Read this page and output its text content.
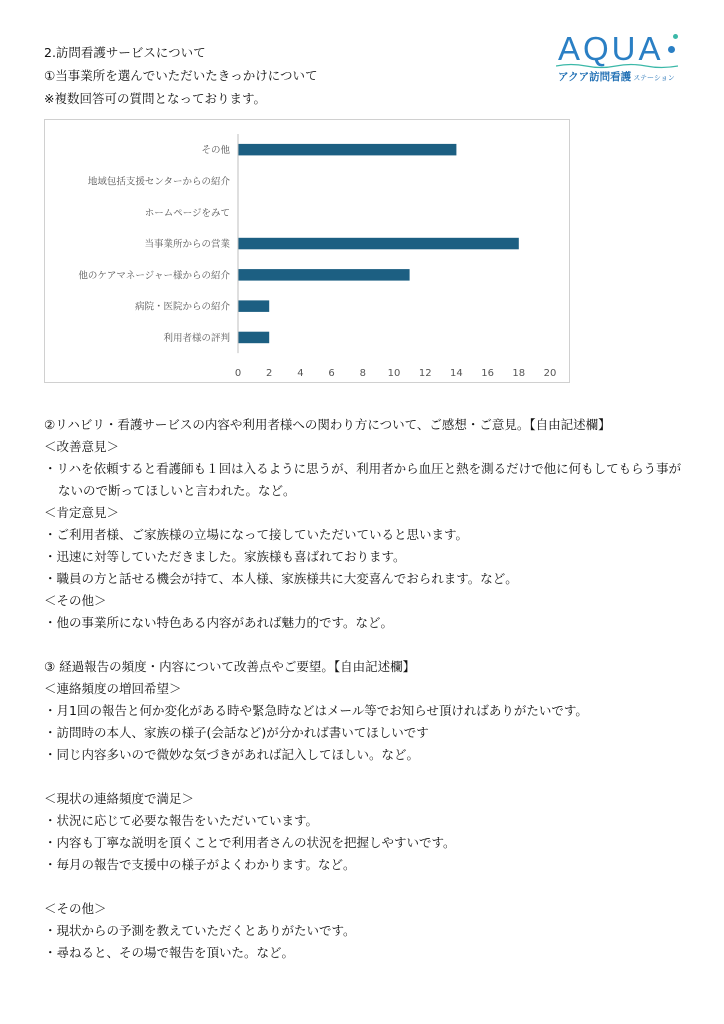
AQUA
アクア訪問看護 ステーション
2.訪問看護サービスについて
①当事業所を選んでいただいたきっかけについて
※複数回答可の質問となっております。
その他
地域包括支援センターからの紹介
ホームページをみて
当事業所からの営業
他のケアマネージャー様からの紹介
病院・医院からの紹介
利用者様の評判
0 2 4 6 8 10 12 14 16 18 20
②リハビリ・看護サービスの内容や利用者様への関わり方について、ご感想・ご意見。【自由記述欄】
＜改善意見＞
・リハを依頼すると看護師も１回は入るように思うが、利用者から血圧と熱を測るだけで他に何もしてもらう事がないので断ってほしいと言われた。など。
＜肯定意見＞
・ご利用者様、ご家族様の立場になって接していただいていると思います。
・迅速に対等していただきました。家族様も喜ばれております。
・職員の方と話せる機会が持て、本人様、家族様共に大変喜んでおられます。など。
＜その他＞

・他の事業所にない特色ある内容があれば魅力的です。など。
③ 経過報告の頻度・内容について改善点やご要望。【自由記述欄】
＜連絡頻度の増回希望＞
・月1回の報告と何か変化がある時や緊急時などはメール等でお知らせ頂ければありがたいです。
・訪問時の本人、家族の様子(会話など)が分かれば書いてほしいです
・同じ内容多いので微妙な気づきがあれば記入してほしい。など。

＜現状の連絡頻度で満足＞
・状況に応じて必要な報告をいただいています。
・内容も丁寧な説明を頂くことで利用者さんの状況を把握しやすいです。
・毎月の報告で支援中の様子がよくわかります。など。

＜その他＞
・現状からの予測を教えていただくとありがたいです。
・尋ねると、その場で報告を頂いた。など。
